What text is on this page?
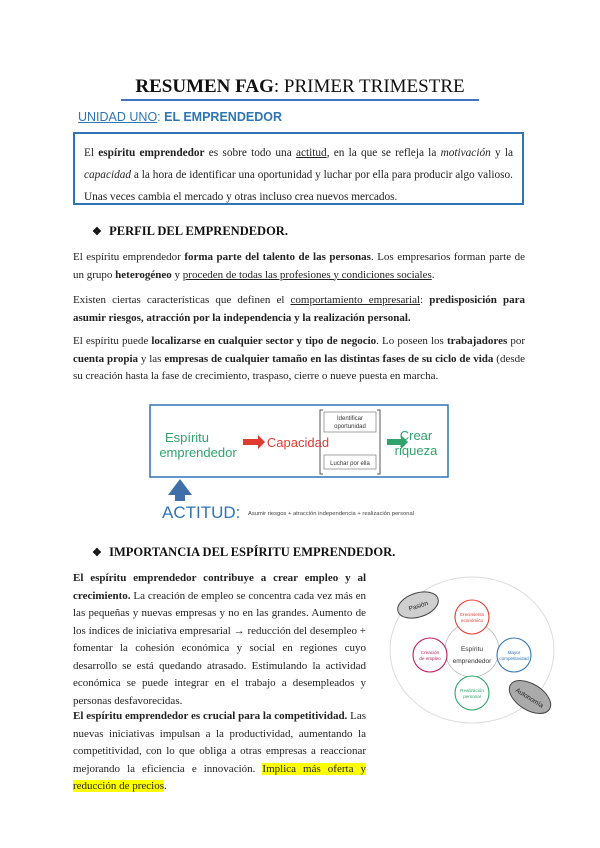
RESUMEN FAG: PRIMER TRIMESTRE
UNIDAD UNO: EL EMPRENDEDOR
El espíritu emprendedor es sobre todo una actitud, en la que se refleja la motivación y la capacidad a la hora de identificar una oportunidad y luchar por ella para producir algo valioso. Unas veces cambia el mercado y otras incluso crea nuevos mercados.
❖ PERFIL DEL EMPRENDEDOR.

El espíritu emprendedor forma parte del talento de las personas. Los empresarios forman parte de un grupo heterogéneo y proceden de todas las profesiones y condiciones sociales.

Existen ciertas características que definen el comportamiento empresarial: predisposición para asumir riesgos, atracción por la independencia y la realización personal.

El espíritu puede localizarse en cualquier sector y tipo de negocio. Lo poseen los trabajadores por cuenta propia y las empresas de cualquier tamaño en las distintas fases de su ciclo de vida (desde su creación hasta la fase de crecimiento, traspaso, cierre o nueve puesta en marcha.

Espíritu
emprendedor
Capacidad
Identificar
oportunidad
Luchar por ella
Crear
riqueza
ACTITUD: Asumir riesgos + atracción independencia + realización personal
❖ IMPORTANCIA DEL ESPÍRITU EMPRENDEDOR.

El espíritu emprendedor contribuye a crear empleo y al crecimiento. La creación de empleo se concentra cada vez más en las pequeñas y nuevas empresas y no en las grandes. Aumento de los índices de iniciativa empresarial → reducción del desempleo + fomentar la cohesión económica y social en regiones cuyo desarrollo se está quedando atrasado. Estimulando la actividad económica se puede integrar en el trabajo a desempleados y personas desfavorecidas.

El espíritu emprendedor es crucial para la competitividad. Las nuevas iniciativas impulsan a la productividad, aumentando la competitividad, con lo que obliga a otras empresas a reaccionar mejorando la eficiencia e innovación. Implica más oferta y reducción de precios.

Espíritu
emprendedor
Crecimiento
económico
Mayor
competitividad
Realización
personal
Creación
de empleo
Pasión
Autonomía
